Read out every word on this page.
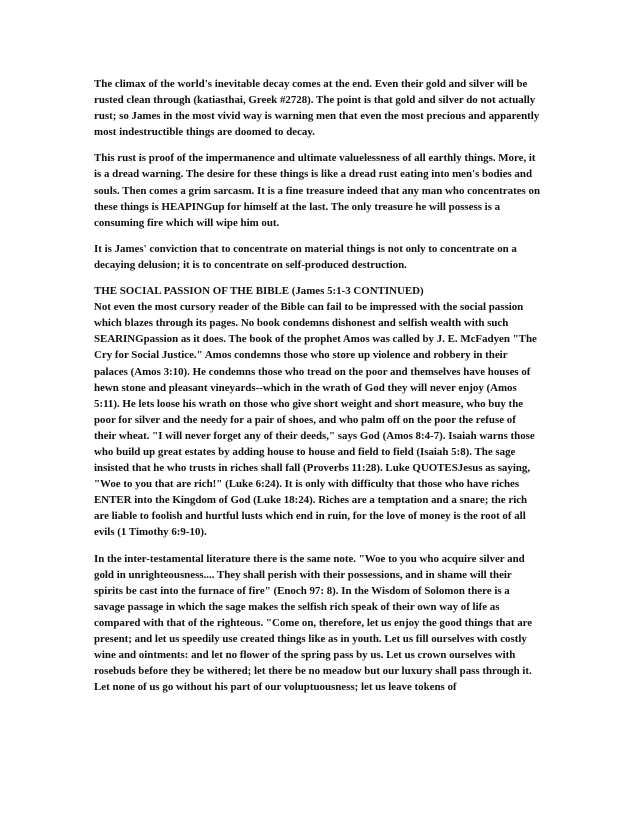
The climax of the world's inevitable decay comes at the end. Even their gold and silver will be rusted clean through (katiasthai, Greek #2728). The point is that gold and silver do not actually rust; so James in the most vivid way is warning men that even the most precious and apparently most indestructible things are doomed to decay.

This rust is proof of the impermanence and ultimate valuelessness of all earthly things. More, it is a dread warning. The desire for these things is like a dread rust eating into men's bodies and souls. Then comes a grim sarcasm. It is a fine treasure indeed that any man who concentrates on these things is HEAPINGup for himself at the last. The only treasure he will possess is a consuming fire which will wipe him out.

It is James' conviction that to concentrate on material things is not only to concentrate on a decaying delusion; it is to concentrate on self-produced destruction.

THE SOCIAL PASSION OF THE BIBLE (James 5:1-3 CONTINUED)
Not even the most cursory reader of the Bible can fail to be impressed with the social passion which blazes through its pages. No book condemns dishonest and selfish wealth with such SEARINGpassion as it does. The book of the prophet Amos was called by J. E. McFadyen "The Cry for Social Justice." Amos condemns those who store up violence and robbery in their palaces (Amos 3:10). He condemns those who tread on the poor and themselves have houses of hewn stone and pleasant vineyards--which in the wrath of God they will never enjoy (Amos 5:11). He lets loose his wrath on those who give short weight and short measure, who buy the poor for silver and the needy for a pair of shoes, and who palm off on the poor the refuse of their wheat. "I will never forget any of their deeds," says God (Amos 8:4-7). Isaiah warns those who build up great estates by adding house to house and field to field (Isaiah 5:8). The sage insisted that he who trusts in riches shall fall (Proverbs 11:28). Luke QUOTESJesus as saying, "Woe to you that are rich!" (Luke 6:24). It is only with difficulty that those who have riches ENTER into the Kingdom of God (Luke 18:24). Riches are a temptation and a snare; the rich are liable to foolish and hurtful lusts which end in ruin, for the love of money is the root of all evils (1 Timothy 6:9-10).

In the inter-testamental literature there is the same note. "Woe to you who acquire silver and gold in unrighteousness.... They shall perish with their possessions, and in shame will their spirits be cast into the furnace of fire" (Enoch 97: 8). In the Wisdom of Solomon there is a savage passage in which the sage makes the selfish rich speak of their own way of life as compared with that of the righteous. "Come on, therefore, let us enjoy the good things that are present; and let us speedily use created things like as in youth. Let us fill ourselves with costly wine and ointments: and let no flower of the spring pass by us. Let us crown ourselves with rosebuds before they be withered; let there be no meadow but our luxury shall pass through it. Let none of us go without his part of our voluptuousness; let us leave tokens of
